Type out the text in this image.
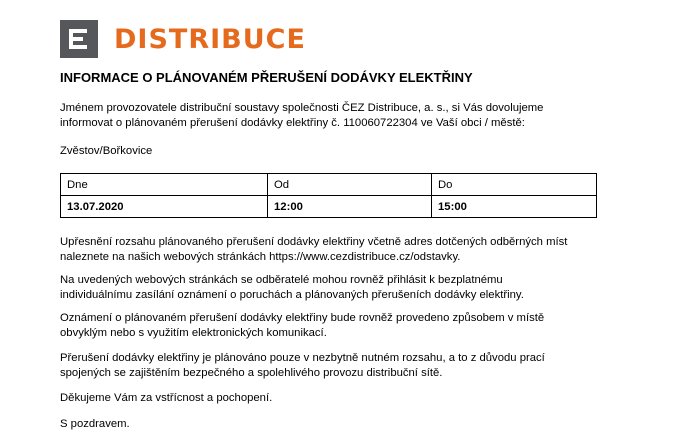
DISTRIBUCE
INFORMACE O PLÁNOVANÉM PŘERUŠENÍ DODÁVKY ELEKTŘINY
Jménem provozovatele distribuční soustavy společnosti ČEZ Distribuce, a. s., si Vás dovolujeme
informovat o plánovaném přerušení dodávky elektřiny č. 110060722304 ve Vaší obci / městě:
Zvěstov/Bořkovice
Dne	Od	Do
13.07.2020	12:00	15:00
Upřesnění rozsahu plánovaného přerušení dodávky elektřiny včetně adres dotčených odběrných míst
naleznete na našich webových stránkách https://www.cezdistribuce.cz/odstavky.
Na uvedených webových stránkách se odběratelé mohou rovněž přihlásit k bezplatnému
individuálnímu zasílání oznámení o poruchách a plánovaných přerušeních dodávky elektřiny.
Oznámení o plánovaném přerušení dodávky elektřiny bude rovněž provedeno způsobem v místě
obvyklým nebo s využitím elektronických komunikací.
Přerušení dodávky elektřiny je plánováno pouze v nezbytně nutném rozsahu, a to z důvodu prací
spojených se zajištěním bezpečného a spolehlivého provozu distribuční sítě.
Děkujeme Vám za vstřícnost a pochopení.
S pozdravem.
